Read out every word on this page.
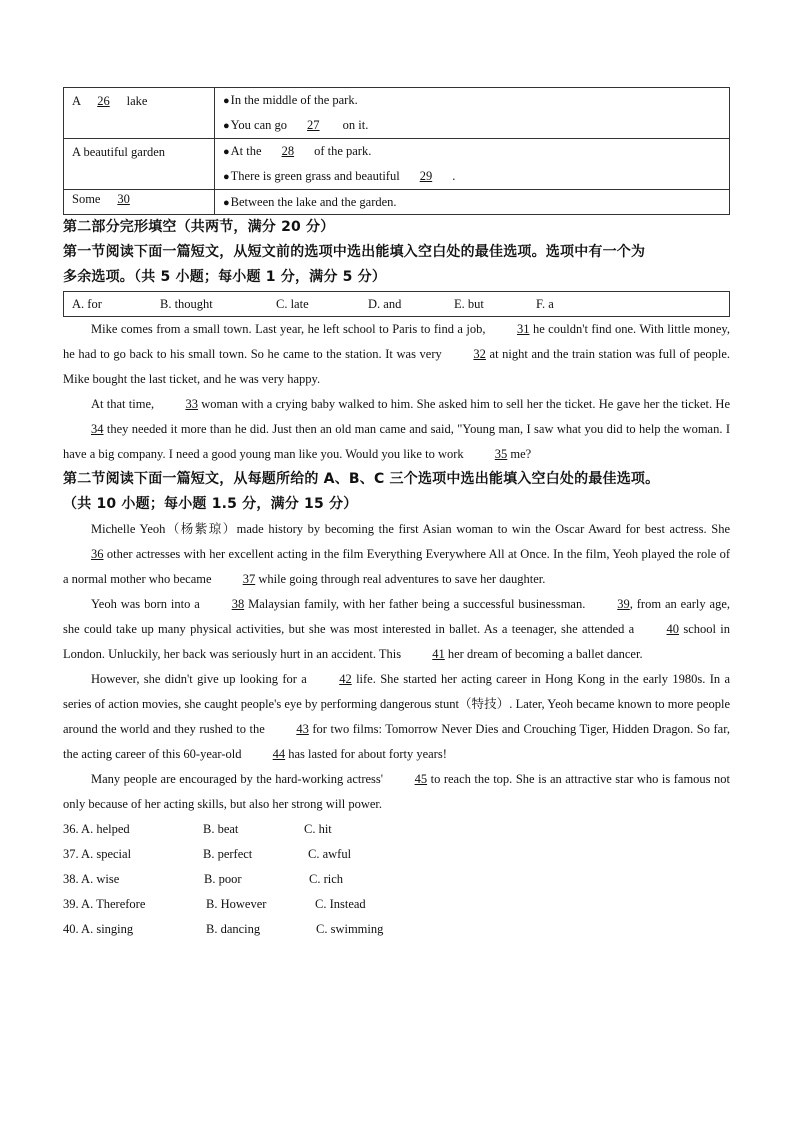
A 26 lake	●In the middle of the park.
●You can go 27 on it.

A beautiful garden	●At the 28 of the park.
●There is green grass and beautiful 29 .

Some 30	●Between the lake and the garden.
第二部分完形填空（共两节，满分 20 分）
第一节阅读下面一篇短文，从短文前的选项中选出能填入空白处的最佳选项。选项中有一个为
多余选项。（共 5 小题；每小题 1 分，满分 5 分）
A. for	B. thought	C. late	D. and	E. but	F. a

Mike comes from a small town. Last year, he left school to Paris to find a job,	31 he couldn't find one. With little money, he had to go back to his small town. So he came to the station. It was very	32 at night and the train station was full of people. Mike bought the last ticket, and he was very happy.

At that time,	33 woman with a crying baby walked to him. She asked him to sell her the ticket. He gave her the ticket. He 34 they needed it more than he did. Just then an old man came and said, "Young man, I saw what you did to help the woman. I have a big company. I need a good young man like you. Would you like to work 35 me?

第二节阅读下面一篇短文，从每题所给的 A、B、C 三个选项中选出能填入空白处的最佳选项。
（共 10 小题；每小题 1.5 分，满分 15 分）

Michelle Yeoh（杨紫琼）made history by becoming the first Asian woman to win the Oscar Award for best actress. She 36 other actresses with her excellent acting in the film Everything Everywhere All at Once. In the film, Yeoh played the role of a normal mother who became 37 while going through real adventures to save her daughter.

Yeoh was born into a	38 Malaysian family, with her father being a successful businessman.	39, from an early age, she could take up many physical activities, but she was most interested in ballet. As a teenager, she attended a	40 school in London. Unluckily, her back was seriously hurt in an accident. This 41 her dream of becoming a ballet dancer.

However, she didn't give up looking for a	42 life. She started her acting career in Hong Kong in the early 1980s. In a series of action movies, she caught people's eye by performing dangerous stunt（特技）. Later, Yeoh became known to more people around the world and they rushed to the	43 for two films: Tomorrow Never Dies and Crouching Tiger, Hidden Dragon. So far, the acting career of this 60-year-old 44 has lasted for about forty years!

Many people are encouraged by the hard-working actress'	45 to reach the top. She is an attractive star who is famous not only because of her acting skills, but also her strong will power.

36. A. helped	B. beat	C. hit
37. A. special	B. perfect	C. awful
38. A. wise	B. poor	C. rich
39. A. Therefore	B. However	C. Instead
40. A. singing	B. dancing	C. swimming
